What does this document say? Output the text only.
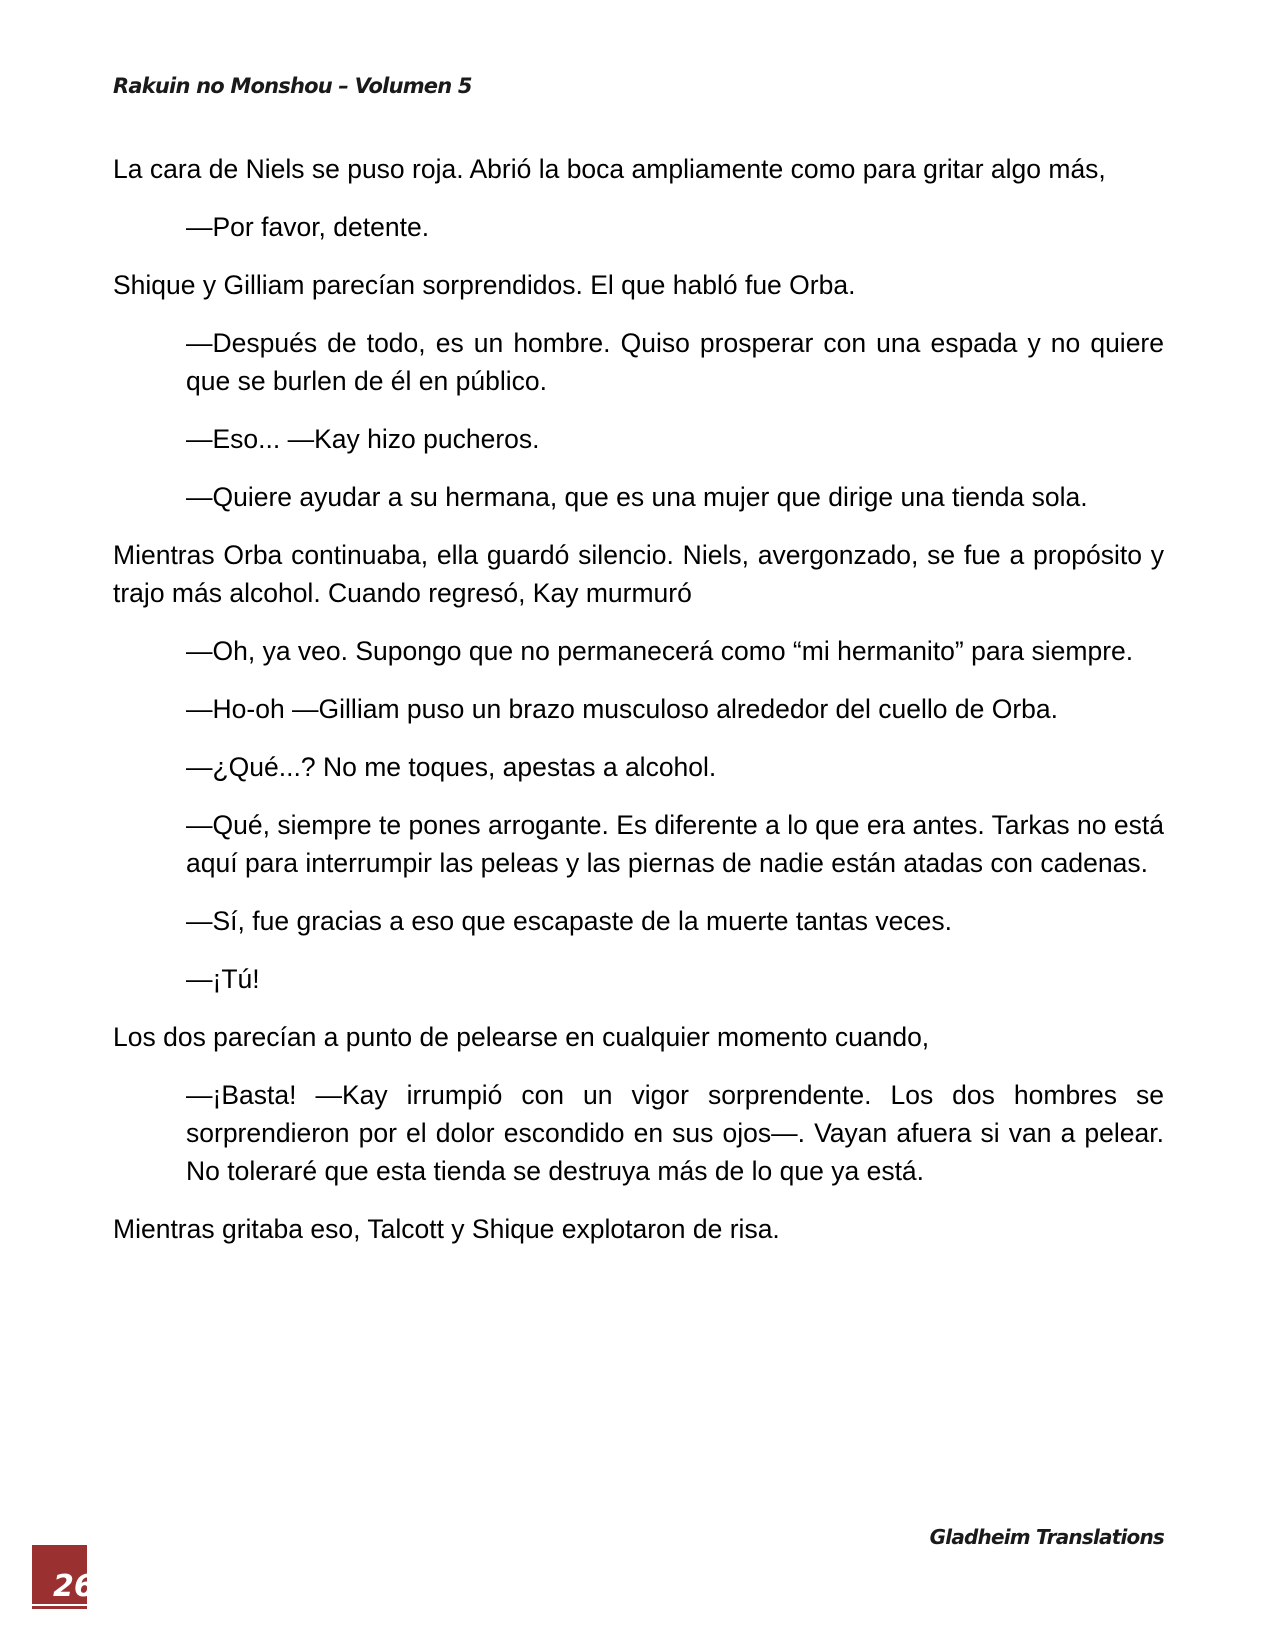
Rakuin no Monshou – Volumen 5

La cara de Niels se puso roja. Abrió la boca ampliamente como para gritar algo más,

—Por favor, detente.

Shique y Gilliam parecían sorprendidos. El que habló fue Orba.

—Después de todo, es un hombre. Quiso prosperar con una espada y no quiere que se burlen de él en público.

—Eso... —Kay hizo pucheros.

—Quiere ayudar a su hermana, que es una mujer que dirige una tienda sola.

Mientras Orba continuaba, ella guardó silencio. Niels, avergonzado, se fue a propósito y trajo más alcohol. Cuando regresó, Kay murmuró

—Oh, ya veo. Supongo que no permanecerá como “mi hermanito” para siempre.

—Ho-oh —Gilliam puso un brazo musculoso alrededor del cuello de Orba.

—¿Qué...? No me toques, apestas a alcohol.

—Qué, siempre te pones arrogante. Es diferente a lo que era antes. Tarkas no está aquí para interrumpir las peleas y las piernas de nadie están atadas con cadenas.

—Sí, fue gracias a eso que escapaste de la muerte tantas veces.

—¡Tú!

Los dos parecían a punto de pelearse en cualquier momento cuando,

—¡Basta! —Kay irrumpió con un vigor sorprendente. Los dos hombres se sorprendieron por el dolor escondido en sus ojos—. Vayan afuera si van a pelear. No toleraré que esta tienda se destruya más de lo que ya está.

Mientras gritaba eso, Talcott y Shique explotaron de risa.

Gladheim Translations
26
